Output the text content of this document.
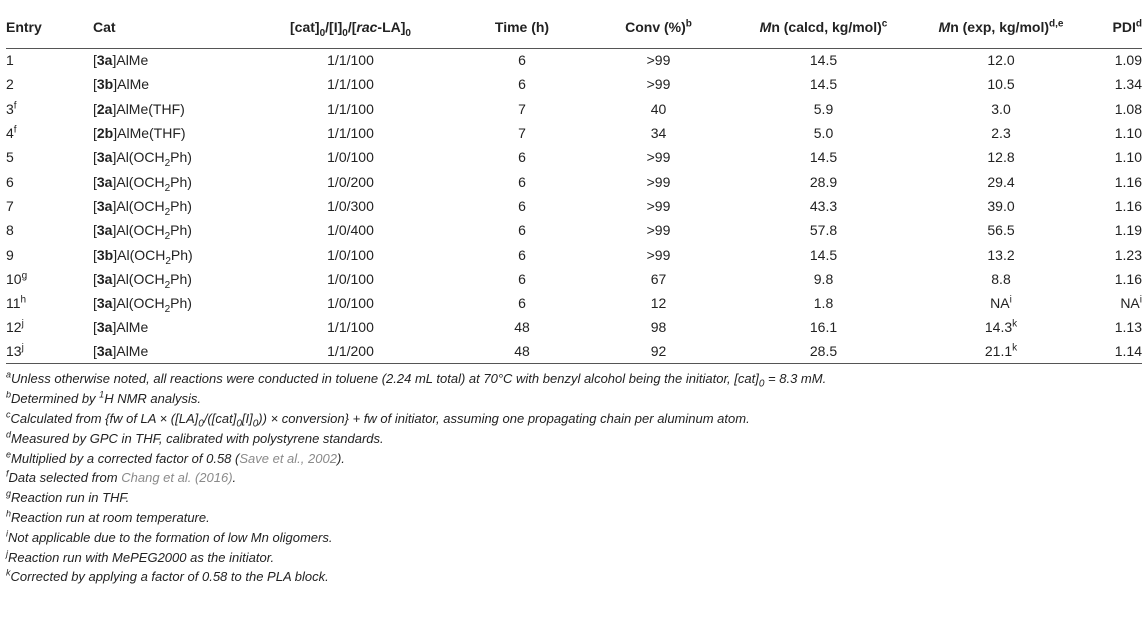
Entry	Cat	$[cat]_0/[I]_0/[rac-LA]_0$	Time (h)	Conv (%)$^b$	Mn (calcd, kg/mol)$^c$	Mn (exp, kg/mol)$^{d,e}$	PDI$^d$
1	[3a]AlMe	1/1/100	6	>99	14.5	12.0	1.09
2	[3b]AlMe	1/1/100	6	>99	14.5	10.5	1.34
3$^f$	[2a]AlMe(THF)	1/1/100	7	40	5.9	3.0	1.08
4$^f$	[2b]AlMe(THF)	1/1/100	7	34	5.0	2.3	1.10
5	$[3a]Al(OCH_2Ph)$	1/0/100	6	>99	14.5	12.8	1.10
6	$[3a]Al(OCH_2Ph)$	1/0/200	6	>99	28.9	29.4	1.16
7	$[3a]Al(OCH_2Ph)$	1/0/300	6	>99	43.3	39.0	1.16
8	$[3a]Al(OCH_2Ph)$	1/0/400	6	>99	57.8	56.5	1.19
9	$[3b]Al(OCH_2Ph)$	1/0/100	6	>99	14.5	13.2	1.23
10$^g$	$[3a]Al(OCH_2Ph)$	1/0/100	6	67	9.8	8.8	1.16
11$^h$	$[3a]Al(OCH_2Ph)$	1/0/100	6	12	1.8	$NA^i$	$NA^i$
12$^j$	[3a]AlMe	1/1/100	48	98	16.1	14.3$^k$	1.13
13$^j$	[3a]AlMe	1/1/200	48	92	28.5	21.1$^k$	1.14
$^a$Unless otherwise noted, all reactions were conducted in toluene (2.24 mL total) at 70°C with benzyl alcohol being the initiator, $[cat]_0 = 8.3$ mM.
$^b$Determined by $^1$H NMR analysis.
$^c$Calculated from {fw of LA × $([LA]_0/([cat]_0[I]_0))$ × conversion} + fw of initiator, assuming one propagating chain per aluminum atom.
$^d$Measured by GPC in THF, calibrated with polystyrene standards.
$^e$Multiplied by a corrected factor of 0.58 (Save et al., 2002).
$^f$Data selected from Chang et al. (2016).
$^g$Reaction run in THF.
$^h$Reaction run at room temperature.
$^i$Not applicable due to the formation of low Mn oligomers.
$^j$Reaction run with MePEG2000 as the initiator.
$^k$Corrected by applying a factor of 0.58 to the PLA block.
